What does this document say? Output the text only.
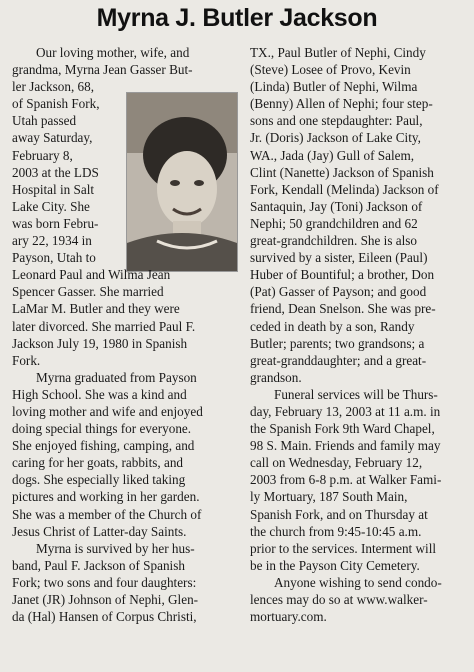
Myrna J. Butler Jackson
Our loving mother, wife, and
grandma, Myrna Jean Gasser But-
ler Jackson, 68,
of Spanish Fork,
Utah passed
away Saturday,
February 8,
2003 at the LDS
Hospital in Salt
Lake City. She
was born Febru-
ary 22, 1934 in
Payson, Utah to
Leonard Paul and Wilma Jean
Spencer Gasser. She married
LaMar M. Butler and they were
later divorced. She married Paul F.
Jackson July 19, 1980 in Spanish
Fork.
Myrna graduated from Payson
High School. She was a kind and
loving mother and wife and enjoyed
doing special things for everyone.
She enjoyed fishing, camping, and
caring for her goats, rabbits, and
dogs. She especially liked taking
pictures and working in her garden.
She was a member of the Church of
Jesus Christ of Latter-day Saints.
Myrna is survived by her hus-
band, Paul F. Jackson of Spanish
Fork; two sons and four daughters:
Janet (JR) Johnson of Nephi, Glen-
da (Hal) Hansen of Corpus Christi,
TX., Paul Butler of Nephi, Cindy
(Steve) Losee of Provo, Kevin
(Linda) Butler of Nephi, Wilma
(Benny) Allen of Nephi; four step-
sons and one stepdaughter: Paul,
Jr. (Doris) Jackson of Lake City,
WA., Jada (Jay) Gull of Salem,
Clint (Nanette) Jackson of Spanish
Fork, Kendall (Melinda) Jackson of
Santaquin, Jay (Toni) Jackson of
Nephi; 50 grandchildren and 62
great-grandchildren. She is also
survived by a sister, Eileen (Paul)
Huber of Bountiful; a brother, Don
(Pat) Gasser of Payson; and good
friend, Dean Snelson. She was pre-
ceded in death by a son, Randy
Butler; parents; two grandsons; a
great-granddaughter; and a great-
grandson.
Funeral services will be Thurs-
day, February 13, 2003 at 11 a.m. in
the Spanish Fork 9th Ward Chapel,
98 S. Main. Friends and family may
call on Wednesday, February 12,
2003 from 6-8 p.m. at Walker Fami-
ly Mortuary, 187 South Main,
Spanish Fork, and on Thursday at
the church from 9:45-10:45 a.m.
prior to the services. Interment will
be in the Payson City Cemetery.
Anyone wishing to send condo-
lences may do so at www.walker-
mortuary.com.
